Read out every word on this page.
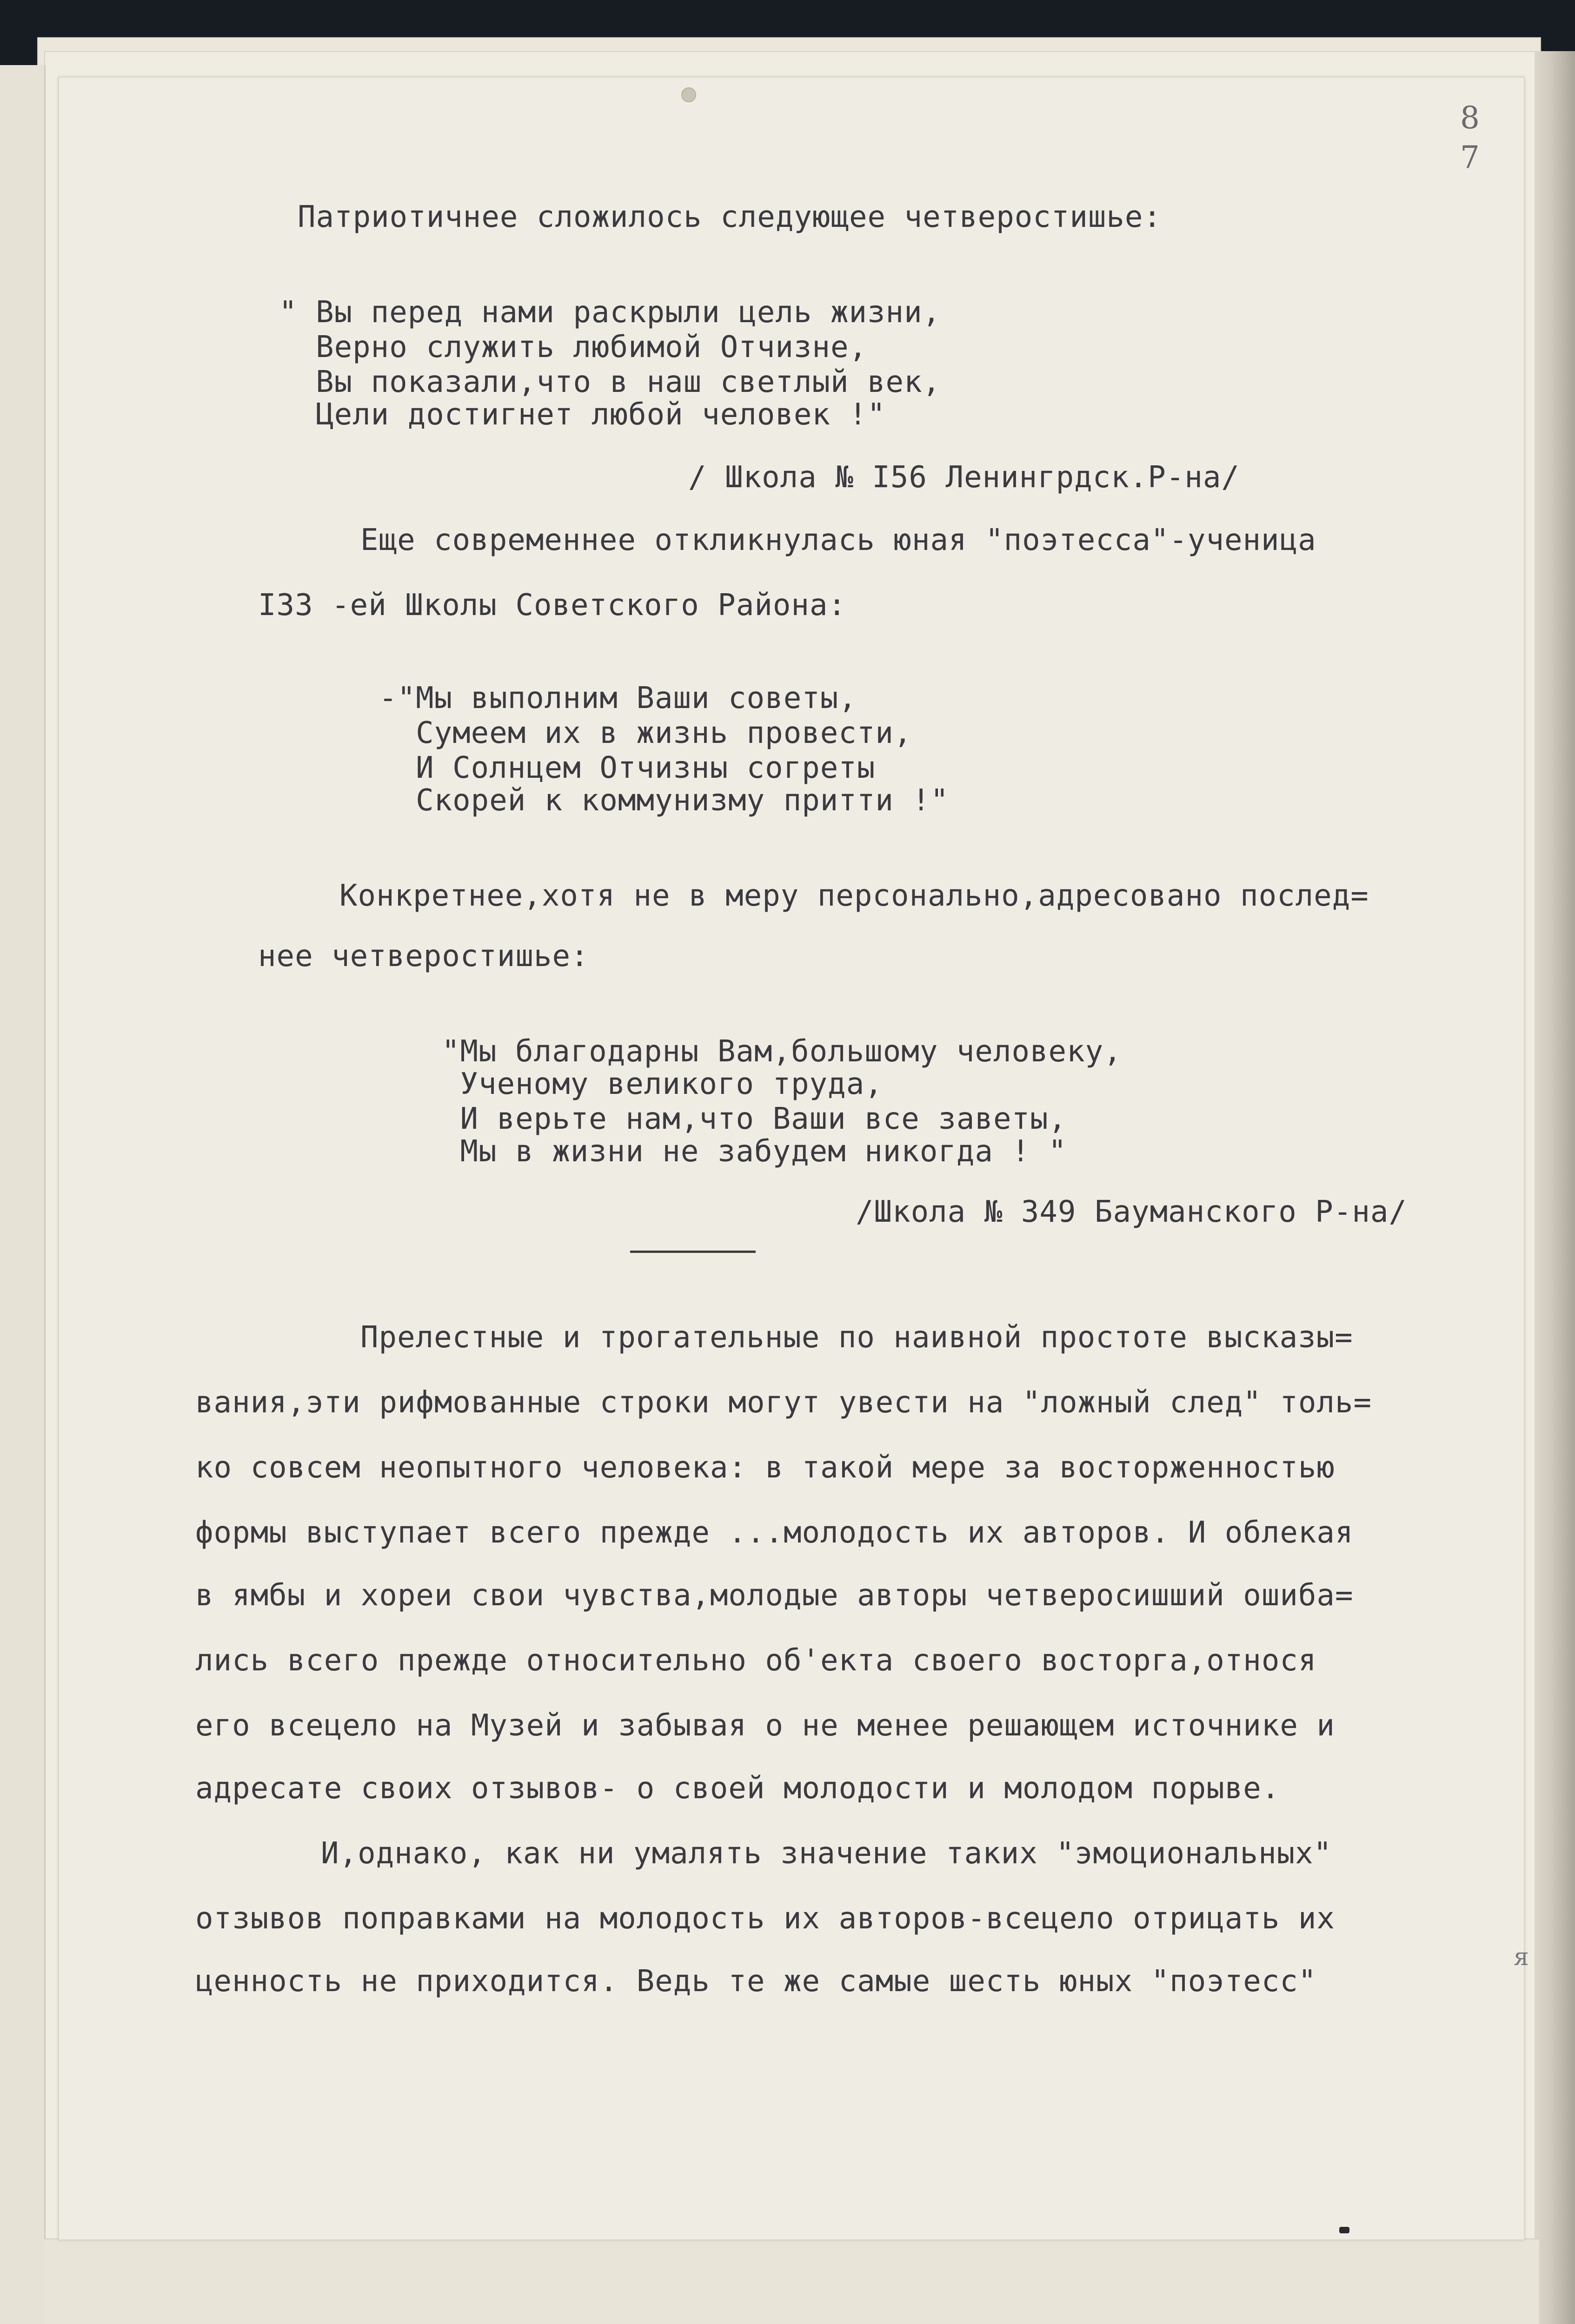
8
7
Патриотичнее сложилось следующее четверостишье:
" Вы перед нами раскрыли цель жизни,
Верно служить любимой Отчизне,
Вы показали,что в наш светлый век,
Цели достигнет любой человек !"
/ Школа № I56 Ленингрдск.Р-на/
Еще современнее откликнулась юная "поэтесса"-ученица
I33 -ей Школы Советского Района:
-"Мы выполним Ваши советы,
Сумеем их в жизнь провести,
И Солнцем Отчизны согреты
Скорей к коммунизму притти !"
Конкретнее,хотя не в меру персонально,адресовано послед=
нее четверостишье:
"Мы благодарны Вам,большому человеку,
Ученому великого труда,
И верьте нам,что Ваши все заветы,
Мы в жизни не забудем никогда ! "
/Школа № 349 Бауманского Р-на/
Прелестные и трогательные по наивной простоте высказы=
вания,эти рифмованные строки могут увести на "ложный след" толь=
ко совсем неопытного человека: в такой мере за восторженностью
формы выступает всего прежде ...молодость их авторов. И облекая
в ямбы и хореи свои чувства,молодые авторы четверосишший ошиба=
лись всего прежде относительно об'екта своего восторга,относя
его всецело на Музей и забывая о не менее решающем источнике и
адресате своих отзывов- о своей молодости и молодом порыве.
И,однако, как ни умалять значение таких "эмоциональных"
отзывов поправками на молодость их авторов-всецело отрицать их
ценность не приходится. Ведь те же самые шесть юных "поэтесс"
я
